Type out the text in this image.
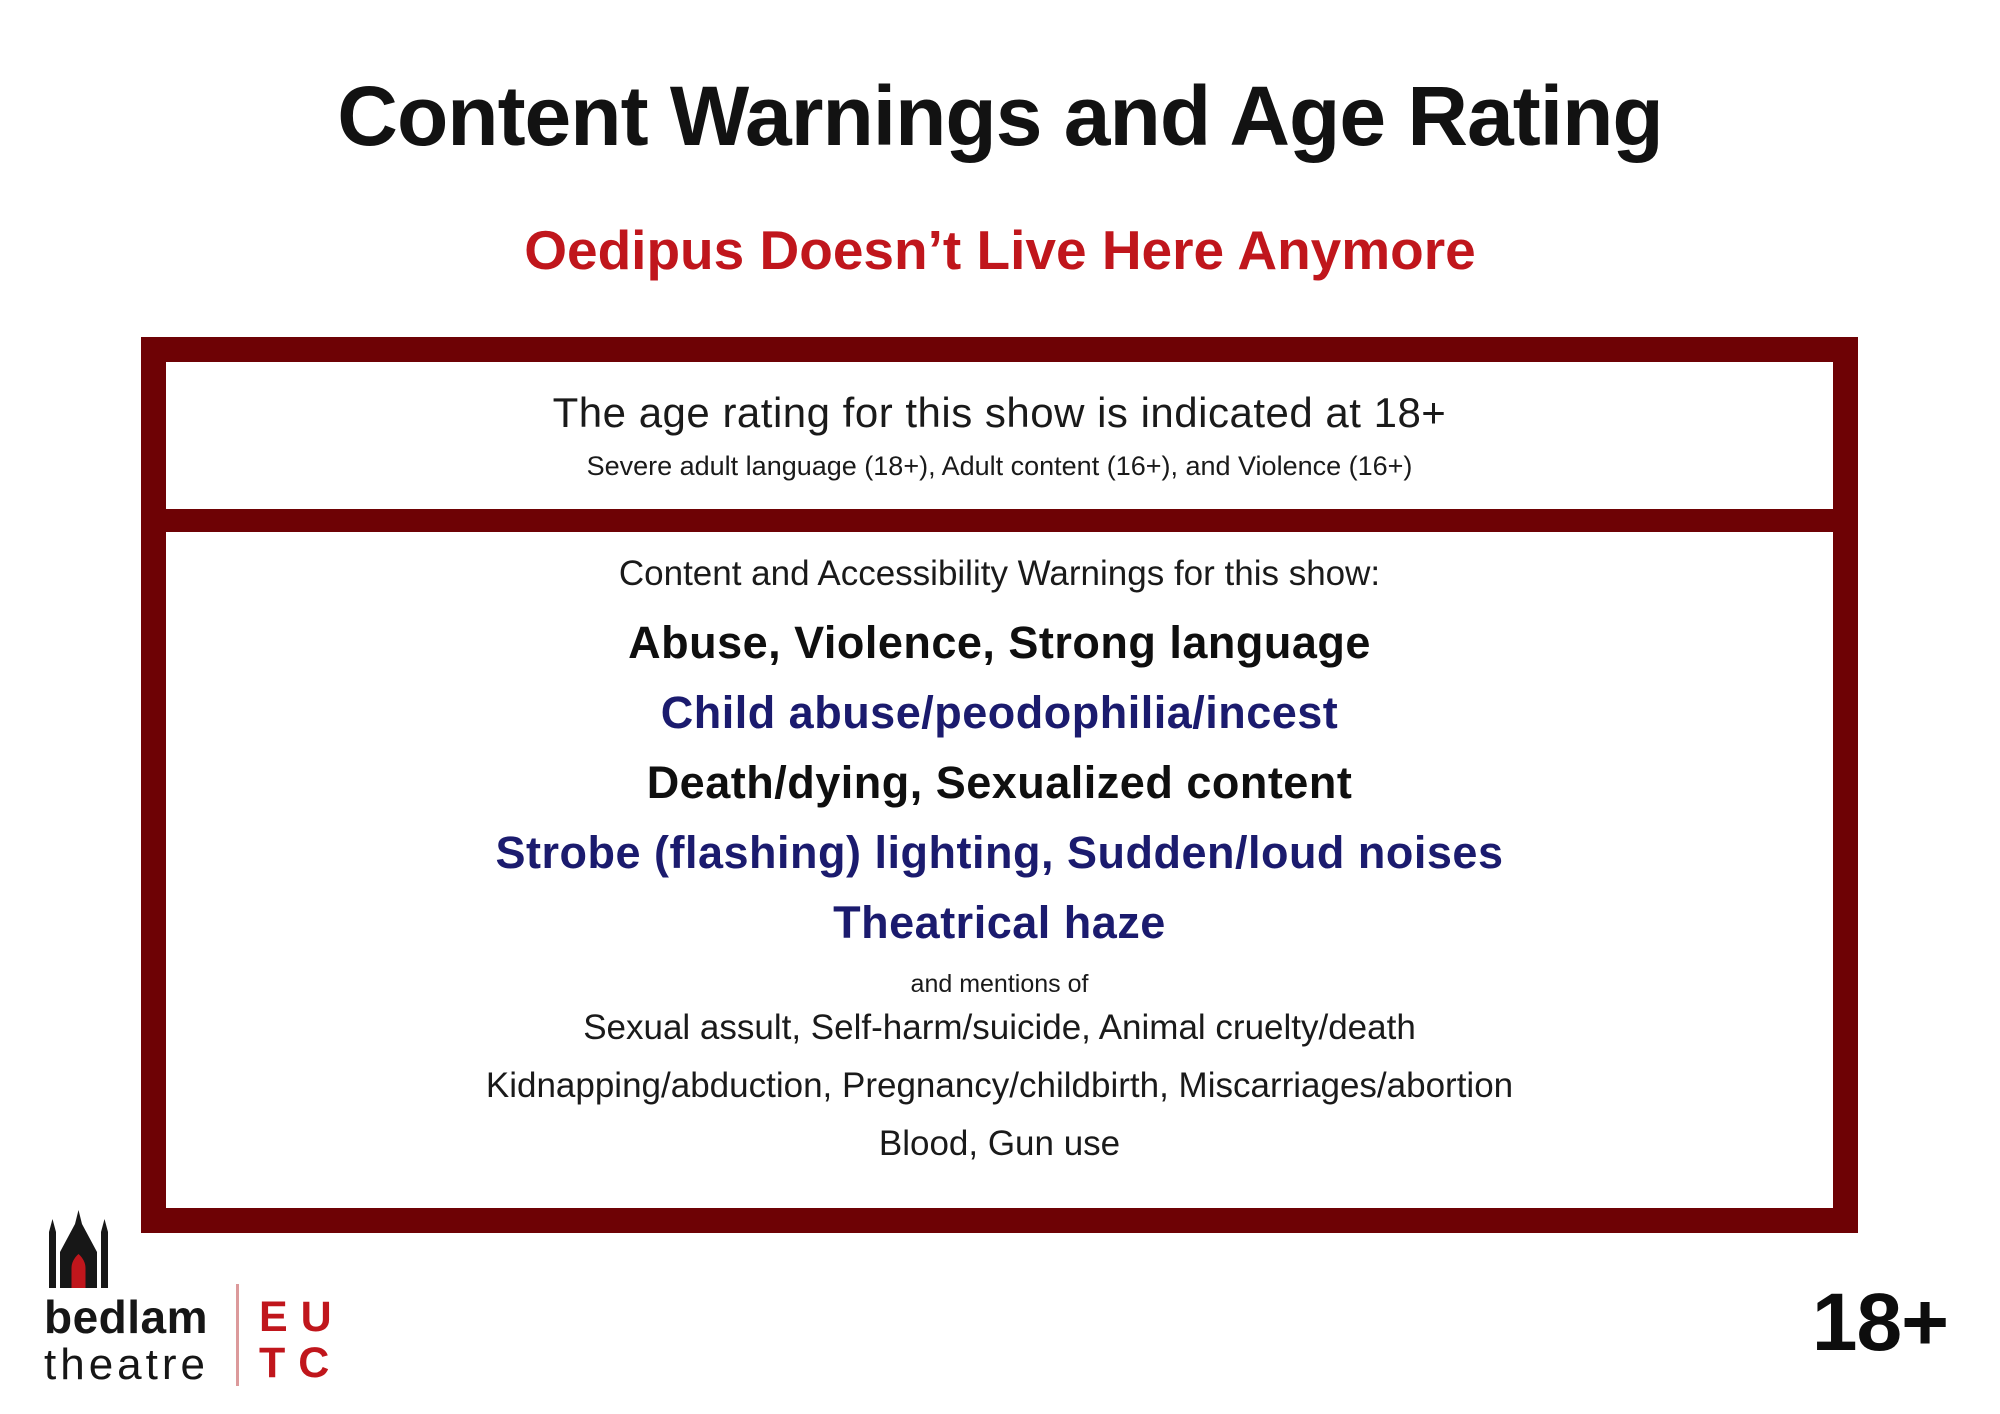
Content Warnings and Age Rating
Oedipus Doesn’t Live Here Anymore
The age rating for this show is indicated at 18+
Severe adult language (18+), Adult content (16+), and Violence (16+)
Content and Accessibility Warnings for this show:
Abuse, Violence, Strong language
Child abuse/peodophilia/incest
Death/dying, Sexualized content
Strobe (flashing) lighting, Sudden/loud noises
Theatrical haze
and mentions of
Sexual assult, Self-harm/suicide, Animal cruelty/death
Kidnapping/abduction, Pregnancy/childbirth, Miscarriages/abortion
Blood, Gun use
bedlam
theatre
EU
TC	18+
